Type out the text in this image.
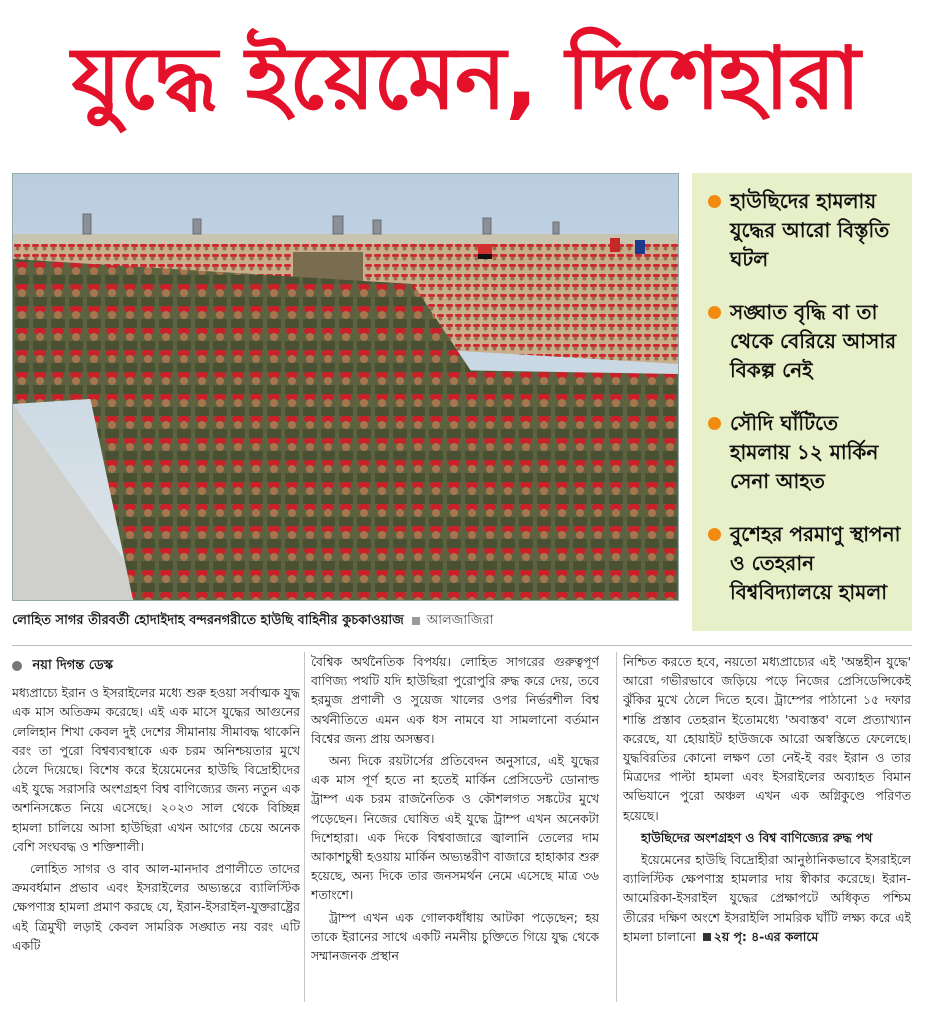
যুদ্ধে ইয়েমেন, দিশেহারা
লোহিত সাগর তীরবর্তী হোদাইদাহ বন্দরনগরীতে হাউছি বাহিনীর কুচকাওয়াজ আলজাজিরা
হাউছিদের হামলায় যুদ্ধের আরো বিস্তৃতি ঘটল
সঙ্ঘাত বৃদ্ধি বা তা থেকে বেরিয়ে আসার বিকল্প নেই
সৌদি ঘাঁটিতে হামলায় ১২ মার্কিন সেনা আহত
বুশেহর পরমাণু স্থাপনা ও তেহরান বিশ্ববিদ্যালয়ে হামলা
নয়া দিগন্ত ডেস্ক

মধ্যপ্রাচ্যে ইরান ও ইসরাইলের মধ্যে শুরু হওয়া সর্বাত্মক যুদ্ধ এক মাস অতিক্রম করেছে। এই এক মাসে যুদ্ধের আগুনের লেলিহান শিখা কেবল দুই দেশের সীমানায় সীমাবদ্ধ থাকেনি বরং তা পুরো বিশ্বব্যবস্থাকে এক চরম অনিশ্চয়তার মুখে ঠেলে দিয়েছে। বিশেষ করে ইয়েমেনের হাউছি বিদ্রোহীদের এই যুদ্ধে সরাসরি অংশগ্রহণ বিশ্ব বাণিজ্যের জন্য নতুন এক অশনিসঙ্কেত নিয়ে এসেছে। ২০২৩ সাল থেকে বিচ্ছিন্ন হামলা চালিয়ে আসা হাউছিরা এখন আগের চেয়ে অনেক বেশি সংঘবদ্ধ ও শক্তিশালী।

লোহিত সাগর ও বাব আল-মানদাব প্রণালীতে তাদের ক্রমবর্ধমান প্রভাব এবং ইসরাইলের অভ্যন্তরে ব্যালিস্টিক ক্ষেপণাস্ত্র হামলা প্রমাণ করছে যে, ইরান-ইসরাইল-যুক্তরাষ্ট্রের এই ত্রিমুখী লড়াই কেবল সামরিক সঙ্ঘাত নয় বরং এটি একটি

বৈশ্বিক অর্থনৈতিক বিপর্যয়। লোহিত সাগরের গুরুত্বপূর্ণ বাণিজ্য পথটি যদি হাউছিরা পুরোপুরি রুদ্ধ করে দেয়, তবে হরমুজ প্রণালী ও সুয়েজ খালের ওপর নির্ভরশীল বিশ্ব অর্থনীতিতে এমন এক ধস নামবে যা সামলানো বর্তমান বিশ্বের জন্য প্রায় অসম্ভব।

অন্য দিকে রয়টার্সের প্রতিবেদন অনুসারে, এই যুদ্ধের এক মাস পূর্ণ হতে না হতেই মার্কিন প্রেসিডেন্ট ডোনাল্ড ট্রাম্প এক চরম রাজনৈতিক ও কৌশলগত সঙ্কটের মুখে পড়েছেন। নিজের ঘোষিত এই যুদ্ধে ট্রাম্প এখন অনেকটা দিশেহারা। এক দিকে বিশ্ববাজারে জ্বালানি তেলের দাম আকাশচুম্বী হওয়ায় মার্কিন অভ্যন্তরীণ বাজারে হাহাকার শুরু হয়েছে, অন্য দিকে তার জনসমর্থন নেমে এসেছে মাত্র ৩৬ শতাংশে।

ট্রাম্প এখন এক গোলকধাঁধায় আটকা পড়েছেন; হয় তাকে ইরানের সাথে একটি নমনীয় চুক্তিতে গিয়ে যুদ্ধ থেকে সম্মানজনক প্রস্থান

নিশ্চিত করতে হবে, নয়তো মধ্যপ্রাচ্যের এই 'অন্তহীন যুদ্ধে' আরো গভীরভাবে জড়িয়ে পড়ে নিজের প্রেসিডেন্সিকেই ঝুঁকির মুখে ঠেলে দিতে হবে। ট্রাম্পের পাঠানো ১৫ দফার শান্তি প্রস্তাব তেহরান ইতোমধ্যে 'অবাস্তব' বলে প্রত্যাখ্যান করেছে, যা হোয়াইট হাউজকে আরো অস্বস্তিতে ফেলেছে। যুদ্ধবিরতির কোনো লক্ষণ তো নেই-ই বরং ইরান ও তার মিত্রদের পাল্টা হামলা এবং ইসরাইলের অব্যাহত বিমান অভিযানে পুরো অঞ্চল এখন এক অগ্নিকুণ্ডে পরিণত হয়েছে।

হাউছিদের অংশগ্রহণ ও বিশ্ব বাণিজ্যের রুদ্ধ পথ

ইয়েমেনের হাউছি বিদ্রোহীরা আনুষ্ঠানিকভাবে ইসরাইলে ব্যালিস্টিক ক্ষেপণাস্ত্র হামলার দায় স্বীকার করেছে। ইরান-আমেরিকা-ইসরাইল যুদ্ধের প্রেক্ষাপটে অধিকৃত পশ্চিম তীরের দক্ষিণ অংশে ইসরাইলি সামরিক ঘাঁটি লক্ষ্য করে এই হামলা চালানো ২য় পৃ: ৪-এর কলামে
